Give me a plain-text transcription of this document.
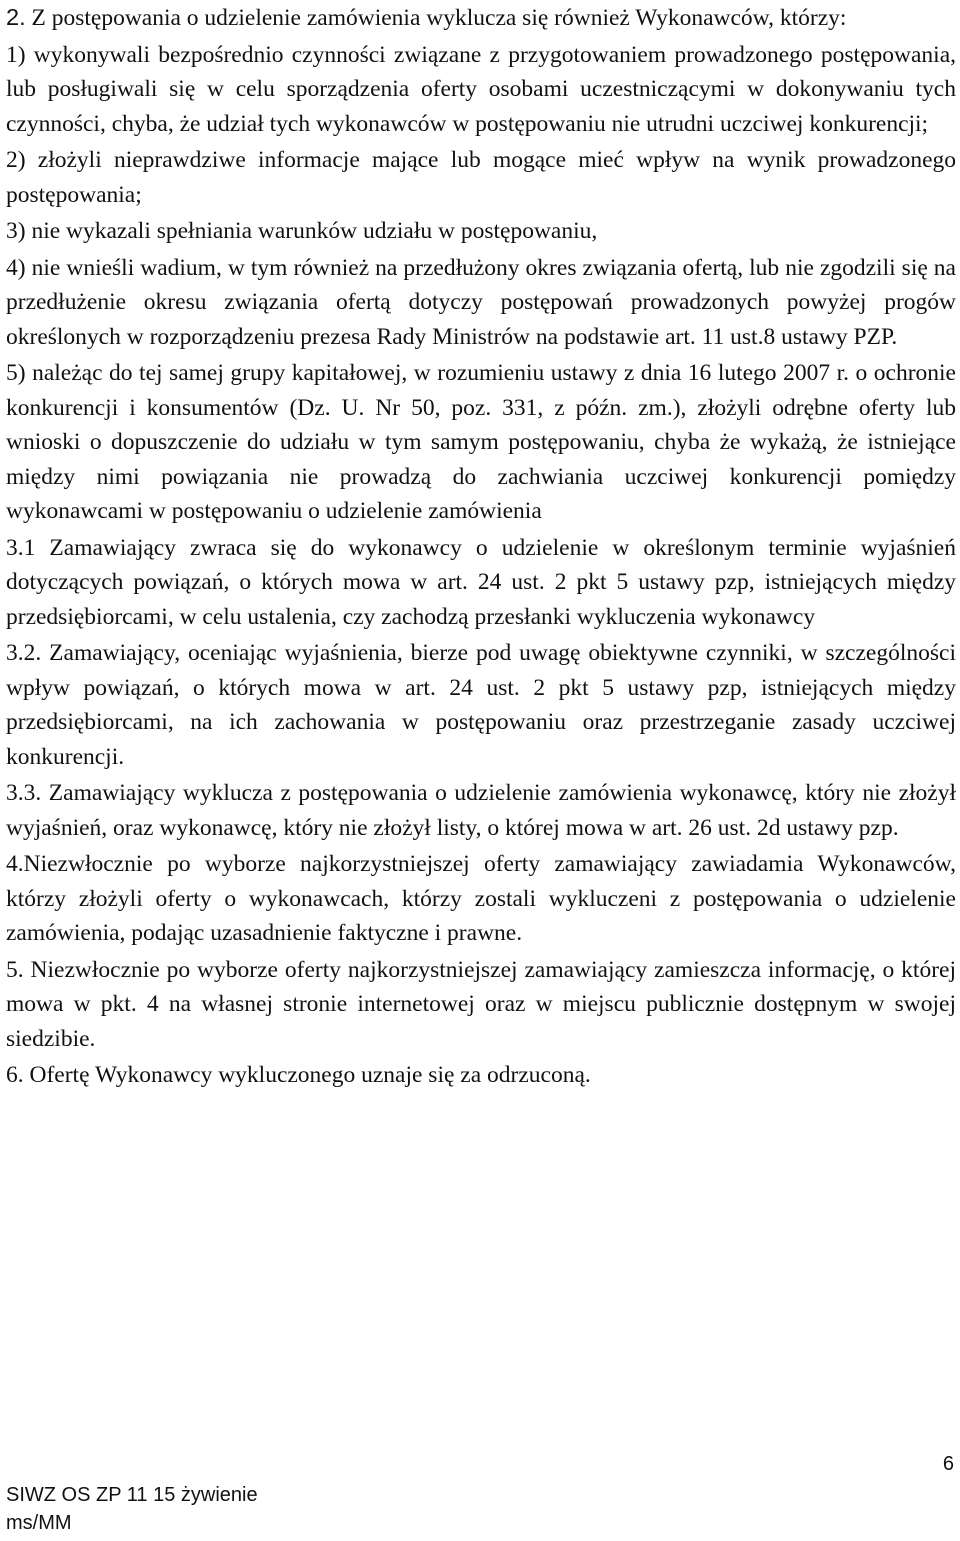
2. Z postępowania o udzielenie zamówienia wyklucza się również Wykonawców, którzy:

1) wykonywali bezpośrednio czynności związane z przygotowaniem prowadzonego postępowania, lub posługiwali się w celu sporządzenia oferty osobami uczestniczącymi w dokonywaniu tych czynności, chyba, że udział tych wykonawców w postępowaniu nie utrudni uczciwej konkurencji;

2) złożyli nieprawdziwe informacje mające lub mogące mieć wpływ na wynik prowadzonego postępowania;

3) nie wykazali spełniania warunków udziału w postępowaniu,

4) nie wnieśli wadium, w tym również na przedłużony okres związania ofertą, lub nie zgodzili się na przedłużenie okresu związania ofertą dotyczy postępowań prowadzonych powyżej progów określonych w rozporządzeniu prezesa Rady Ministrów na podstawie art. 11 ust.8 ustawy PZP.

5) należąc do tej samej grupy kapitałowej, w rozumieniu ustawy z dnia 16 lutego 2007 r. o ochronie konkurencji i konsumentów (Dz. U. Nr 50, poz. 331, z późn. zm.), złożyli odrębne oferty lub wnioski o dopuszczenie do udziału w tym samym postępowaniu, chyba że wykażą, że istniejące między nimi powiązania nie prowadzą do zachwiania uczciwej konkurencji pomiędzy wykonawcami w postępowaniu o udzielenie zamówienia

3.1 Zamawiający zwraca się do wykonawcy o udzielenie w określonym terminie wyjaśnień dotyczących powiązań, o których mowa w art. 24 ust. 2 pkt 5 ustawy pzp, istniejących między przedsiębiorcami, w celu ustalenia, czy zachodzą przesłanki wykluczenia wykonawcy

3.2. Zamawiający, oceniając wyjaśnienia, bierze pod uwagę obiektywne czynniki, w szczególności wpływ powiązań, o których mowa w art. 24 ust. 2 pkt 5 ustawy pzp, istniejących między przedsiębiorcami, na ich zachowania w postępowaniu oraz przestrzeganie zasady uczciwej konkurencji.

3.3. Zamawiający wyklucza z postępowania o udzielenie zamówienia wykonawcę, który nie złożył wyjaśnień, oraz wykonawcę, który nie złożył listy, o której mowa w art. 26 ust. 2d ustawy pzp.

4.Niezwłocznie po wyborze najkorzystniejszej oferty zamawiający zawiadamia Wykonawców, którzy złożyli oferty o wykonawcach, którzy zostali wykluczeni z postępowania o udzielenie zamówienia, podając uzasadnienie faktyczne i prawne.

5. Niezwłocznie po wyborze oferty najkorzystniejszej zamawiający zamieszcza informację, o której mowa w pkt. 4 na własnej stronie internetowej oraz w miejscu publicznie dostępnym w swojej siedzibie.

6. Ofertę Wykonawcy wykluczonego uznaje się za odrzuconą.

6
SIWZ OS ZP 11 15 żywienie
ms/MM
